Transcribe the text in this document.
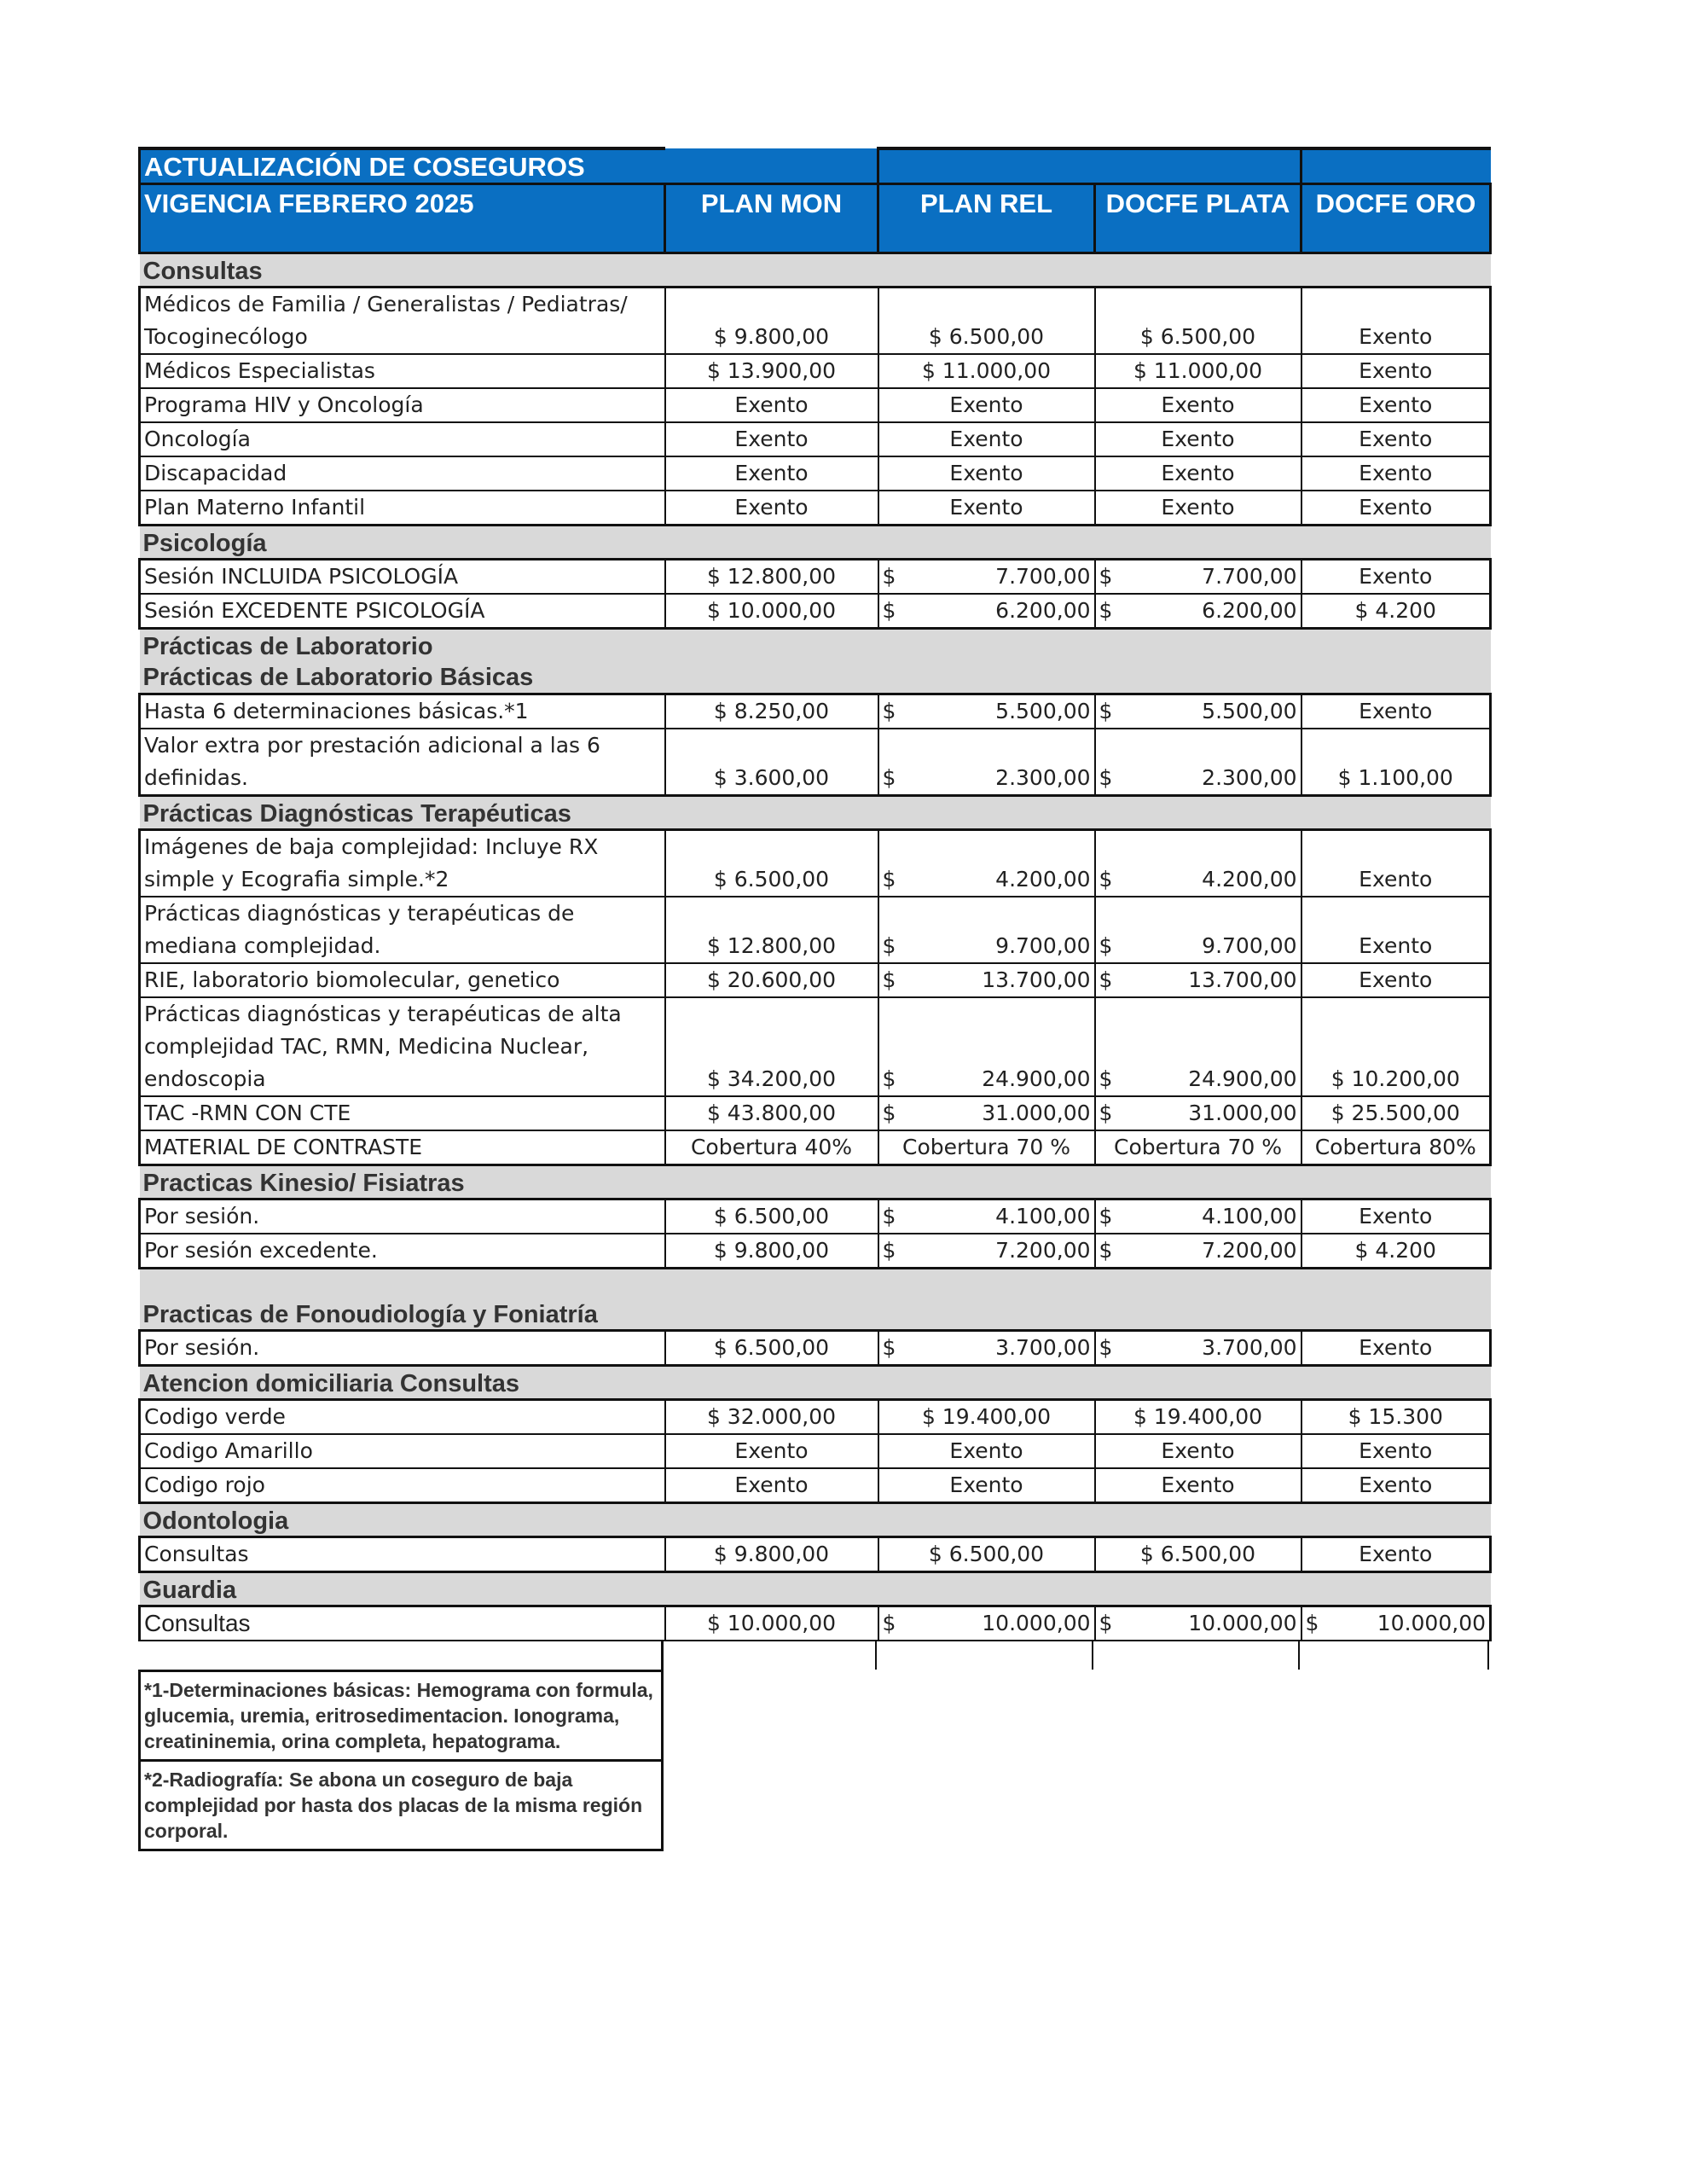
ACTUALIZACIÓN DE COSEGUROS				
VIGENCIA FEBRERO 2025	PLAN MON	PLAN REL	DOCFE PLATA	DOCFE ORO
Consultas				
Médicos de Familia / Generalistas / Pediatras/ Tocoginecólogo	$ 9.800,00	$ 6.500,00	$ 6.500,00	Exento
Médicos Especialistas	$ 13.900,00	$ 11.000,00	$ 11.000,00	Exento
Programa HIV y Oncología	Exento	Exento	Exento	Exento
Oncología	Exento	Exento	Exento	Exento
Discapacidad	Exento	Exento	Exento	Exento
Plan Materno Infantil	Exento	Exento	Exento	Exento
Psicología				
Sesión INCLUIDA PSICOLOGÍA	$ 12.800,00	$ 7.700,00	$ 7.700,00	Exento
Sesión EXCEDENTE PSICOLOGÍA	$ 10.000,00	$ 6.200,00	$ 6.200,00	$ 4.200

Prácticas de Laboratorio
Prácticas de Laboratorio Básicas				

Hasta 6 determinaciones básicas.*1	$ 8.250,00	$ 5.500,00	$ 5.500,00	Exento
Valor extra por prestación adicional a las 6 definidas.	$ 3.600,00	$ 2.300,00	$ 2.300,00	$ 1.100,00
Prácticas Diagnósticas Terapéuticas				
Imágenes de baja complejidad: Incluye RX simple y Ecografia simple.*2	$ 6.500,00	$ 4.200,00	$ 4.200,00	Exento
Prácticas diagnósticas y terapéuticas de mediana complejidad.	$ 12.800,00	$ 9.700,00	$ 9.700,00	Exento
RIE, laboratorio biomolecular, genetico	$ 20.600,00	$ 13.700,00	$ 13.700,00	Exento
Prácticas diagnósticas y terapéuticas de alta complejidad TAC, RMN, Medicina Nuclear, endoscopia	$ 34.200,00	$ 24.900,00	$ 24.900,00	$ 10.200,00
TAC -RMN CON CTE	$ 43.800,00	$ 31.000,00	$ 31.000,00	$ 25.500,00
MATERIAL DE CONTRASTE	Cobertura 40%	Cobertura 70 %	Cobertura 70 %	Cobertura 80%
Practicas Kinesio/ Fisiatras				
Por sesión.	$ 6.500,00	$ 4.100,00	$ 4.100,00	Exento
Por sesión excedente.	$ 9.800,00	$ 7.200,00	$ 7.200,00	$ 4.200
Practicas de Fonoudiología y Foniatría				
Por sesión.	$ 6.500,00	$ 3.700,00	$ 3.700,00	Exento
Atencion domiciliaria Consultas				
Codigo verde	$ 32.000,00	$ 19.400,00	$ 19.400,00	$ 15.300
Codigo Amarillo	Exento	Exento	Exento	Exento
Codigo rojo	Exento	Exento	Exento	Exento
Odontologia				
Consultas	$ 9.800,00	$ 6.500,00	$ 6.500,00	Exento
Guardia				
Consultas	$ 10.000,00	$ 10.000,00	$ 10.000,00	$ 10.000,00
*1-Determinaciones básicas: Hemograma con formula, glucemia, uremia, eritrosedimentacion. Ionograma, creatininemia, orina completa, hepatograma.
*2-Radiografía: Se abona un coseguro de baja complejidad por hasta dos placas de la misma región corporal.
